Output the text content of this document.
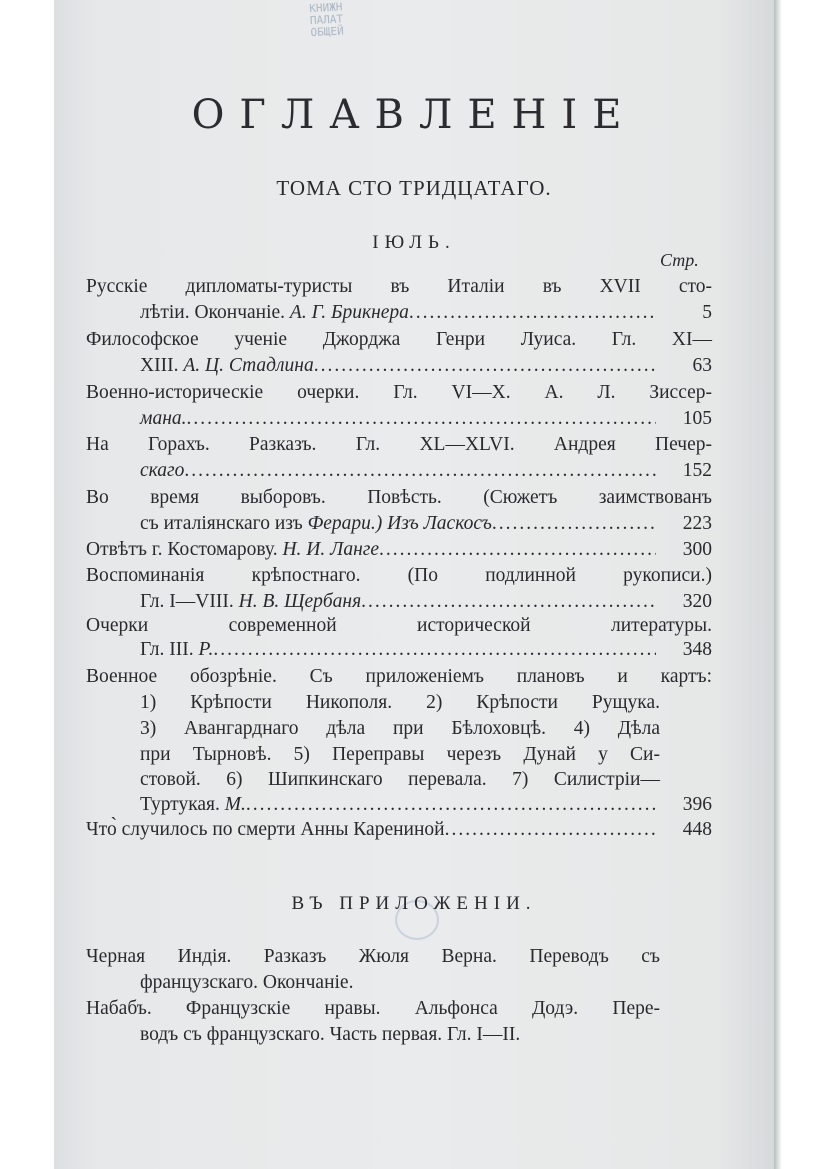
КНИЖН
ПАЛАТ
ОБЩЕЙ
ОГЛАВЛЕНІЕ
ТОМА СТО ТРИДЦАТАГО.
ІЮЛЬ.
Стр.
Русскіе дипломаты-туристы въ Италіи въ XVII сто-
лѣтіи. Окончаніе. А. Г. Брикнера .....	5
Философское ученіе Джорджа Генри Луиса. Гл. XI—
XIII. А. Ц. Стадлина .....	63
Военно-историческіе очерки. Гл. VI—X. А. Л. Зиссер-
мана. .....	105
На Горахъ. Разказъ. Гл. XL—XLVI. Андрея Печер-
скаго .....	152
Во время выборовъ. Повѣсть. (Сюжетъ заимствованъ
съ италіянскаго изъ Ферари.) Изъ Ласкосъ .....	223
Отвѣтъ г. Костомарову. Н. И. Ланге .....	300
Воспоминанія крѣпостнаго. (По подлинной рукописи.)
Гл. I—VIII. Н. В. Щербаня .....	320
Очерки современной исторической литературы.
Гл. III. Р. .....	348
Военное обозрѣніе. Съ приложеніемъ плановъ и картъ:
1) Крѣпости Никополя. 2) Крѣпости Рущука.
3) Авангарднаго дѣла при Бѣлоховцѣ. 4) Дѣла
при Тырновѣ. 5) Переправы черезъ Дунай у Си-
стовой. 6) Шипкинскаго перевала. 7) Силистріи—
Туртукая. М. .....	396
Что̀ случилось по смерти Анны Карениной .....	448
ВЪ ПРИЛОЖЕНІИ.
Черная Индія. Разказъ Жюля Верна. Переводъ съ
французскаго. Окончаніе.
Набабъ. Французскіе нравы. Альфонса Додэ. Пере-
водъ съ французскаго. Часть первая. Гл. I—II.
